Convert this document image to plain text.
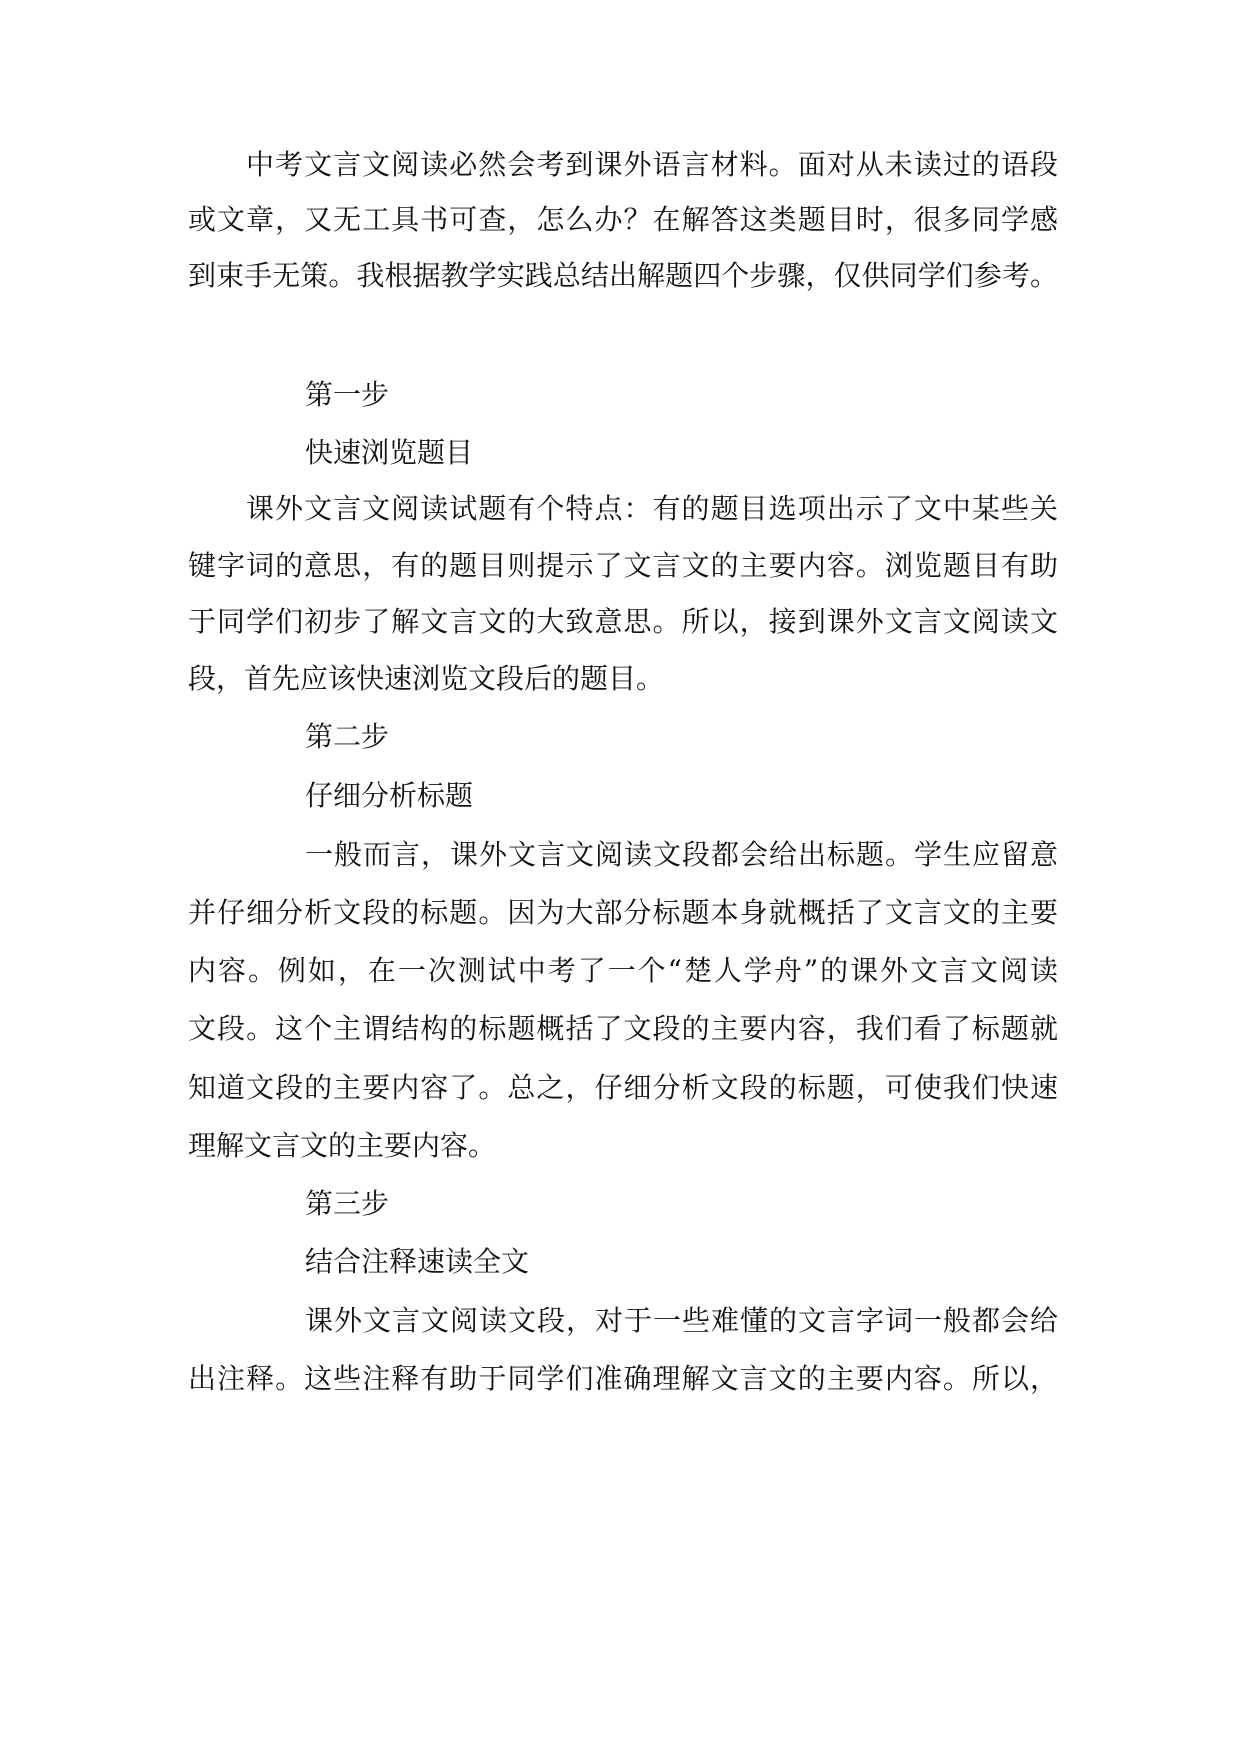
中考文言文阅读必然会考到课外语言材料。面对从未读过的语段
或文章，又无工具书可查，怎么办？在解答这类题目时，很多同学感
到束手无策。我根据教学实践总结出解题四个步骤，仅供同学们参考。
第一步
快速浏览题目
课外文言文阅读试题有个特点：有的题目选项出示了文中某些关
键字词的意思，有的题目则提示了文言文的主要内容。浏览题目有助
于同学们初步了解文言文的大致意思。所以，接到课外文言文阅读文
段，首先应该快速浏览文段后的题目。
第二步
仔细分析标题
一般而言，课外文言文阅读文段都会给出标题。学生应留意
并仔细分析文段的标题。因为大部分标题本身就概括了文言文的主要
内容。例如，在一次测试中考了一个“楚人学舟”的课外文言文阅读
文段。这个主谓结构的标题概括了文段的主要内容，我们看了标题就
知道文段的主要内容了。总之，仔细分析文段的标题，可使我们快速
理解文言文的主要内容。
第三步
结合注释速读全文
课外文言文阅读文段，对于一些难懂的文言字词一般都会给
出注释。这些注释有助于同学们准确理解文言文的主要内容。所以，
